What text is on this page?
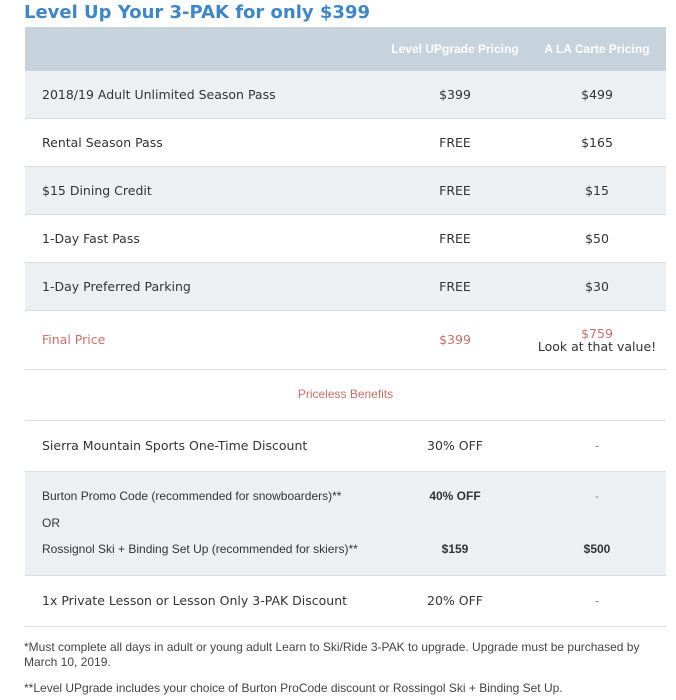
Level Up Your 3-PAK for only $399
Level UPgrade Pricing	A LA Carte Pricing
2018/19 Adult Unlimited Season Pass	$399	$499
Rental Season Pass	FREE	$165
$15 Dining Credit	FREE	$15
1-Day Fast Pass	FREE	$50
1-Day Preferred Parking	FREE	$30
Final Price	$399	$759
Look at that value!
Priceless Benefits
Sierra Mountain Sports One-Time Discount	30% OFF	-
Burton Promo Code (recommended for snowboarders)**	40% OFF	-
OR
Rossignol Ski + Binding Set Up (recommended for skiers)**	$159	$500
1x Private Lesson or Lesson Only 3-PAK Discount	20% OFF	-
*Must complete all days in adult or young adult Learn to Ski/Ride 3-PAK to upgrade. Upgrade must be purchased by March 10, 2019.
**Level UPgrade includes your choice of Burton ProCode discount or Rossingol Ski + Binding Set Up.
